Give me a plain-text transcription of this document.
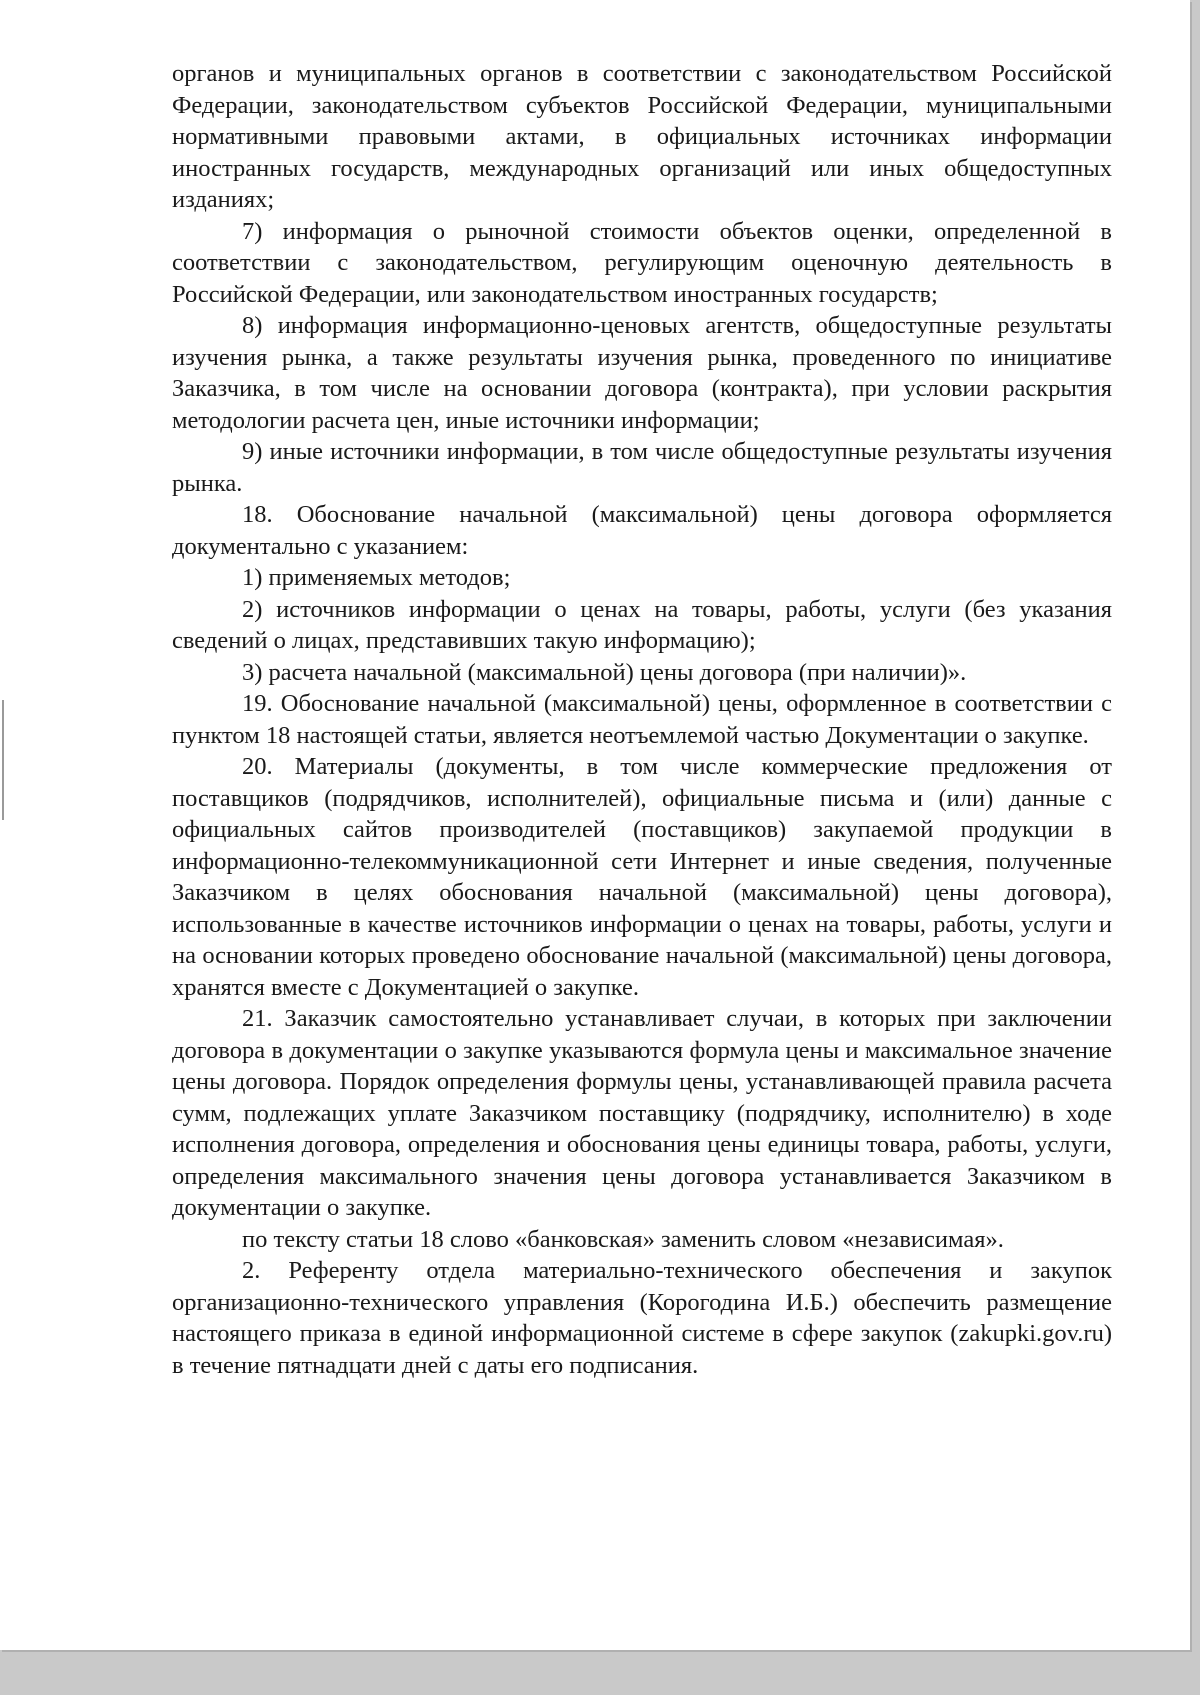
органов и муниципальных органов в соответствии с законодательством Российской Федерации, законодательством субъектов Российской Федерации, муниципальными нормативными правовыми актами, в официальных источниках информации иностранных государств, международных организаций или иных общедоступных изданиях;

7) информация о рыночной стоимости объектов оценки, определенной в соответствии с законодательством, регулирующим оценочную деятельность в Российской Федерации, или законодательством иностранных государств;

8) информация информационно-ценовых агентств, общедоступные результаты изучения рынка, а также результаты изучения рынка, проведенного по инициативе Заказчика, в том числе на основании договора (контракта), при условии раскрытия методологии расчета цен, иные источники информации;

9) иные источники информации, в том числе общедоступные результаты изучения рынка.

18. Обоснование начальной (максимальной) цены договора оформляется документально с указанием:

1) применяемых методов;

2) источников информации о ценах на товары, работы, услуги (без указания сведений о лицах, представивших такую информацию);

3) расчета начальной (максимальной) цены договора (при наличии)».

19. Обоснование начальной (максимальной) цены, оформленное в соответствии с пунктом 18 настоящей статьи, является неотъемлемой частью Документации о закупке.

20. Материалы (документы, в том числе коммерческие предложения от поставщиков (подрядчиков, исполнителей), официальные письма и (или) данные с официальных сайтов производителей (поставщиков) закупаемой продукции в информационно-телекоммуникационной сети Интернет и иные сведения, полученные Заказчиком в целях обоснования начальной (максимальной) цены договора), использованные в качестве источников информации о ценах на товары, работы, услуги и на основании которых проведено обоснование начальной (максимальной) цены договора, хранятся вместе с Документацией о закупке.

21. Заказчик самостоятельно устанавливает случаи, в которых при заключении договора в документации о закупке указываются формула цены и максимальное значение цены договора. Порядок определения формулы цены, устанавливающей правила расчета сумм, подлежащих уплате Заказчиком поставщику (подрядчику, исполнителю) в ходе исполнения договора, определения и обоснования цены единицы товара, работы, услуги, определения максимального значения цены договора устанавливается Заказчиком в документации о закупке.

по тексту статьи 18 слово «банковская» заменить словом «независимая».

2. Референту отдела материально-технического обеспечения и закупок организационно-технического управления (Корогодина И.Б.) обеспечить размещение настоящего приказа в единой информационной системе в сфере закупок (zakupki.gov.ru) в течение пятнадцати дней с даты его подписания.
